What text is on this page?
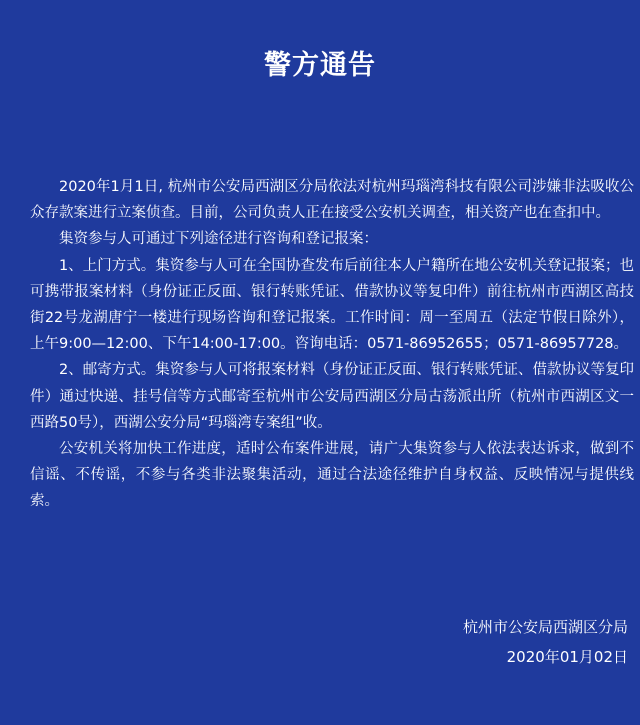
警方通告

2020年1月1日, 杭州市公安局西湖区分局依法对杭州玛瑙湾科技有限公司涉嫌非法吸收公众存款案进行立案侦查。目前，公司负责人正在接受公安机关调查，相关资产也在查扣中。

集资参与人可通过下列途径进行咨询和登记报案：

1、上门方式。集资参与人可在全国协查发布后前往本人户籍所在地公安机关登记报案；也可携带报案材料（身份证正反面、银行转账凭证、借款协议等复印件）前往杭州市西湖区高技街22号龙湖唐宁一楼进行现场咨询和登记报案。工作时间：周一至周五（法定节假日除外），上午9:00—12:00、下午14:00-17:00。咨询电话：0571-86952655；0571-86957728。

2、邮寄方式。集资参与人可将报案材料（身份证正反面、银行转账凭证、借款协议等复印件）通过快递、挂号信等方式邮寄至杭州市公安局西湖区分局古荡派出所（杭州市西湖区文一西路50号），西湖公安分局“玛瑙湾专案组”收。

公安机关将加快工作进度，适时公布案件进展，请广大集资参与人依法表达诉求，做到不信谣、不传谣，不参与各类非法聚集活动，通过合法途径维护自身权益、反映情况与提供线索。

杭州市公安局西湖区分局
2020年01月02日
